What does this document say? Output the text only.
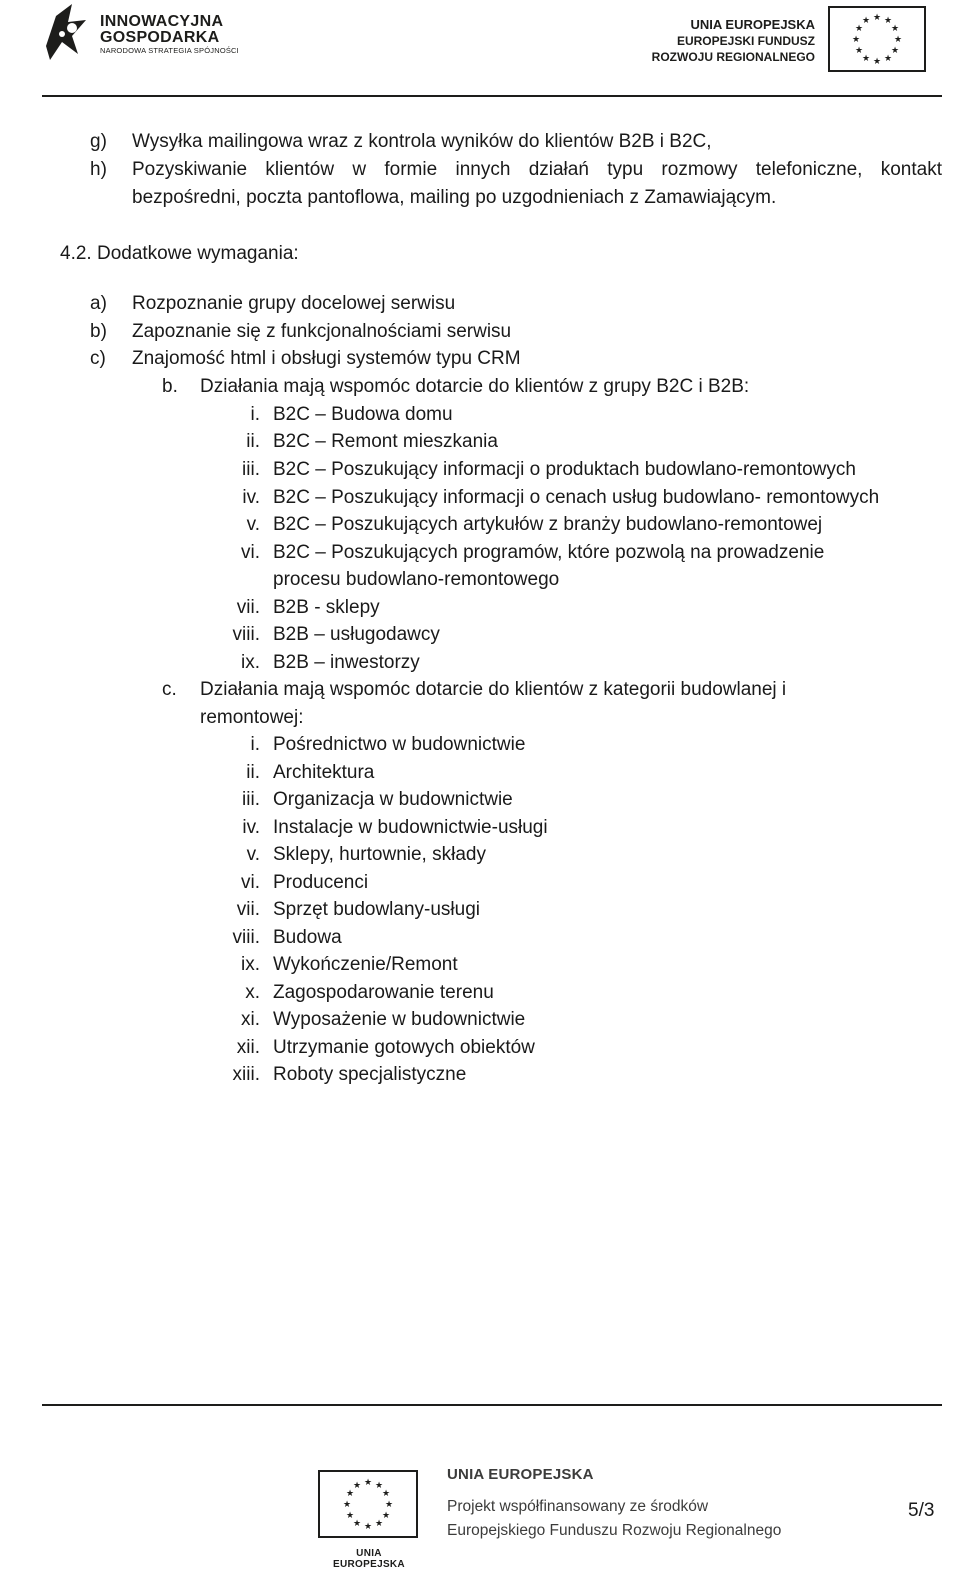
INNOWACYJNA
GOSPODARKA
NARODOWA STRATEGIA SPÓJNOŚCI
UNIA EUROPEJSKA
EUROPEJSKI FUNDUSZ
ROZWOJU REGIONALNEGO
★ ★
★
★
★
★
★
★
★
★
★
★
g) Wysyłka mailingowa wraz z kontrola wyników do klientów B2B i B2C,
h) Pozyskiwanie klientów w formie innych działań typu rozmowy telefoniczne, kontakt
bezpośredni, poczta pantoflowa, mailing po uzgodnieniach z Zamawiającym.
4.2. Dodatkowe wymagania:
a) Rozpoznanie grupy docelowej serwisu
b) Zapoznanie się z funkcjonalnościami serwisu
c) Znajomość html i obsługi systemów typu CRM
b. Działania mają wspomóc dotarcie do klientów z grupy B2C i B2B:
i. B2C – Budowa domu
ii. B2C – Remont mieszkania
iii. B2C – Poszukujący informacji o produktach budowlano-remontowych
iv. B2C – Poszukujący informacji o cenach usług budowlano- remontowych
v. B2C – Poszukujących artykułów z branży budowlano-remontowej
vi. B2C – Poszukujących programów, które pozwolą na prowadzenie
procesu budowlano-remontowego
vii. B2B - sklepy
viii. B2B – usługodawcy
ix. B2B – inwestorzy
c. Działania mają wspomóc dotarcie do klientów z kategorii budowlanej i
remontowej:
i. Pośrednictwo w budownictwie
ii. Architektura
iii. Organizacja w budownictwie
iv. Instalacje w budownictwie-usługi
v. Sklepy, hurtownie, składy
vi. Producenci
vii. Sprzęt budowlany-usługi
viii. Budowa
ix. Wykończenie/Remont
x. Zagospodarowanie terenu
xi. Wyposażenie w budownictwie
xii. Utrzymanie gotowych obiektów
xiii. Roboty specjalistyczne
★ ★
★
★
★
★
★
★
★
★
★
★
UNIA EUROPEJSKA
UNIA EUROPEJSKA
Projekt współfinansowany ze środków
Europejskiego Funduszu Rozwoju Regionalnego
5/3
